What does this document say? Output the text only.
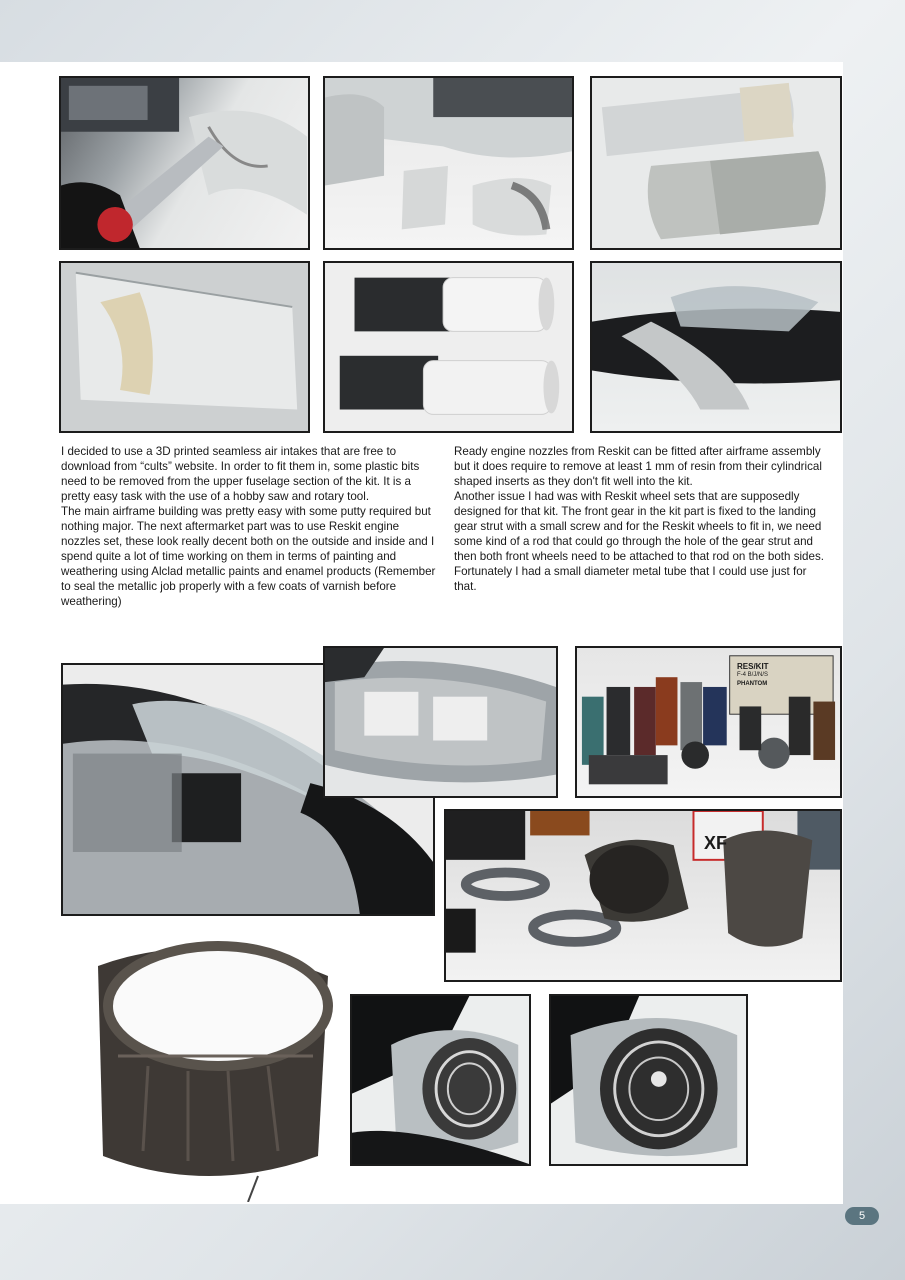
I decided to use a 3D printed seamless air intakes that are free to download from “cults” website. In order to fit them in, some plastic bits need to be removed from the upper fuselage section of the kit. It is a pretty easy task with the use of a hobby saw and rotary tool.

The main airframe building was pretty easy with some putty required but nothing major. The next aftermarket part was to use Reskit engine nozzles set, these look really decent both on the outside and inside and I spend quite a lot of time working on them in terms of painting and weathering using Alclad metallic paints and enamel products (Remember to seal the metallic job properly with a few coats of varnish before weathering)

Ready engine nozzles from Reskit can be fitted after airframe assembly but it does require to remove at least 1 mm of resin from their cylindrical shaped inserts as they don't fit well into the kit.

Another issue I had was with Reskit wheel sets that are supposedly designed for that kit. The front gear in the kit part is fixed to the landing gear strut with a small screw and for the Reskit wheels to fit in, we need some kind of a rod that could go through the hole of the gear strut and then both front wheels need to be attached to that rod on the both sides. Fortunately I had a small diameter metal tube that I could use just for that.

RES/KIT
F-4 B/J/N/S
PHANTOM
XF
5
